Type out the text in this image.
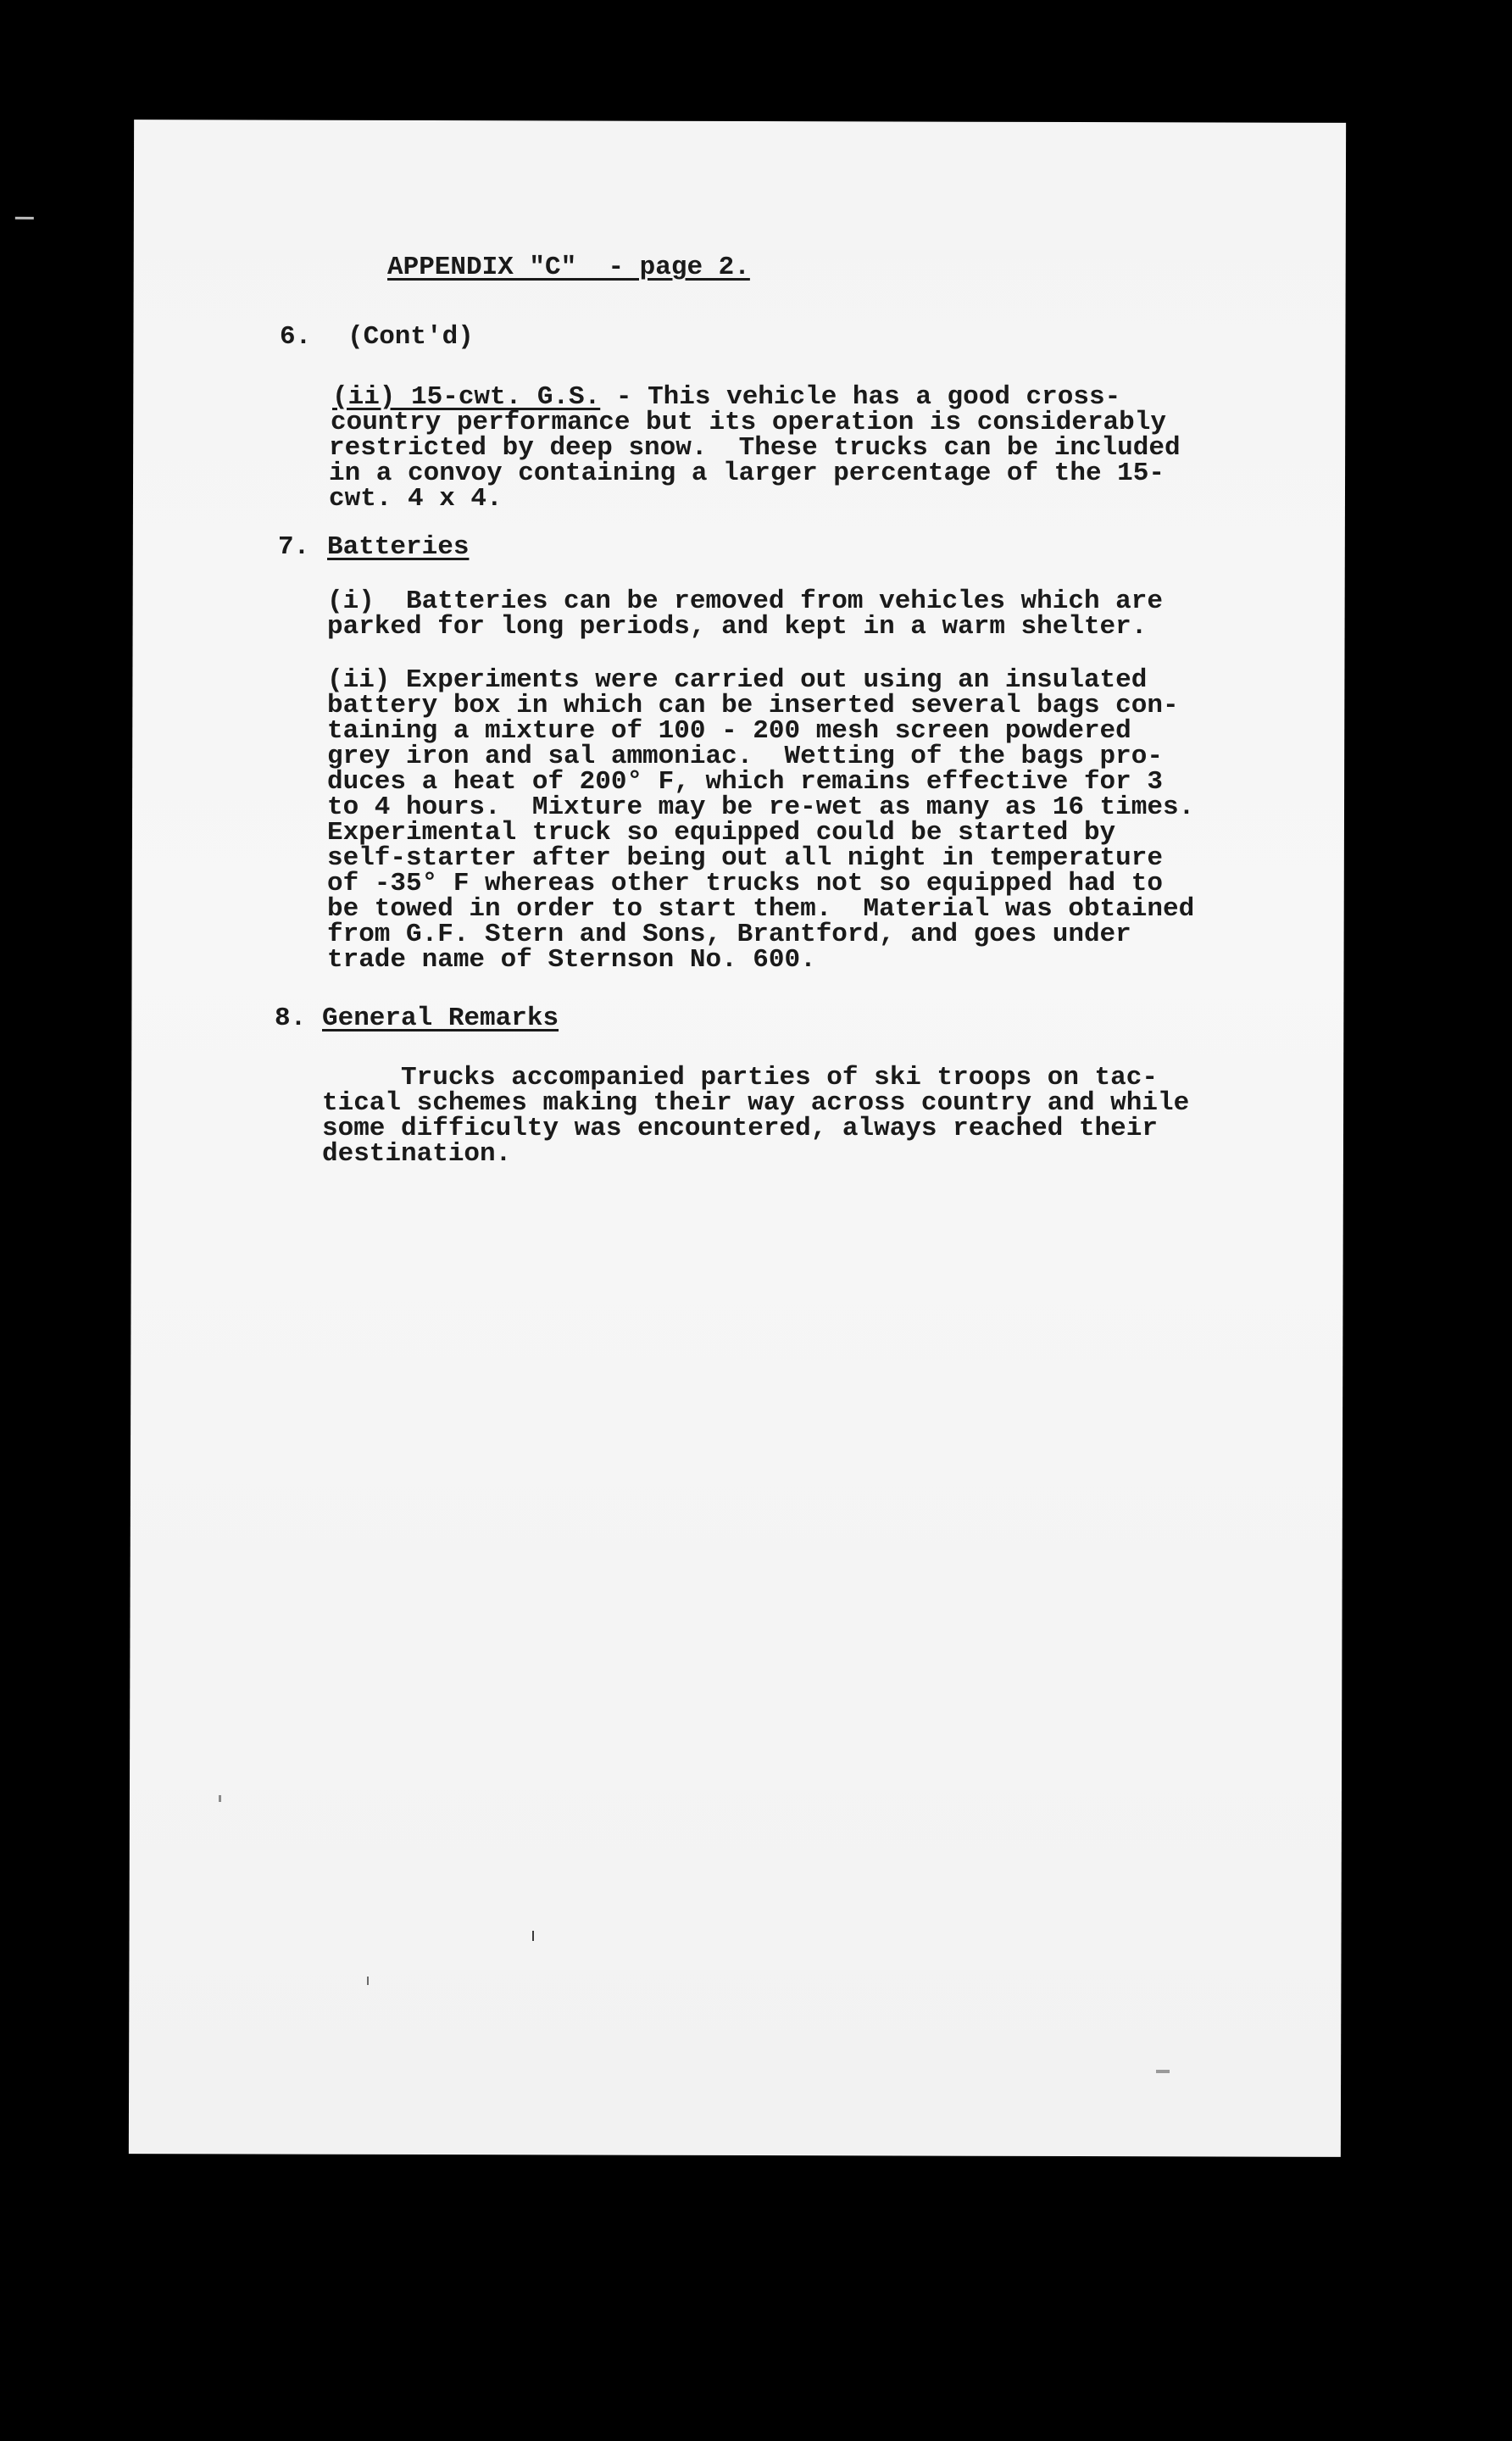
APPENDIX "C"  - page 2.
6. (Cont'd)

(ii) 15-cwt. G.S. - This vehicle has a good cross-

country performance but its operation is considerably

restricted by deep snow.  These trucks can be included

in a convoy containing a larger percentage of the 15-

cwt. 4 x 4.

7. Batteries

(i)  Batteries can be removed from vehicles which are

parked for long periods, and kept in a warm shelter.

(ii) Experiments were carried out using an insulated

battery box in which can be inserted several bags con-

taining a mixture of 100 - 200 mesh screen powdered

grey iron and sal ammoniac.  Wetting of the bags pro-

duces a heat of 200° F, which remains effective for 3

to 4 hours.  Mixture may be re-wet as many as 16 times.

Experimental truck so equipped could be started by

self-starter after being out all night in temperature

of -35° F whereas other trucks not so equipped had to

be towed in order to start them.  Material was obtained

from G.F. Stern and Sons, Brantford, and goes under

trade name of Sternson No. 600.

8. General Remarks

Trucks accompanied parties of ski troops on tac-

tical schemes making their way across country and while

some difficulty was encountered, always reached their

destination.
